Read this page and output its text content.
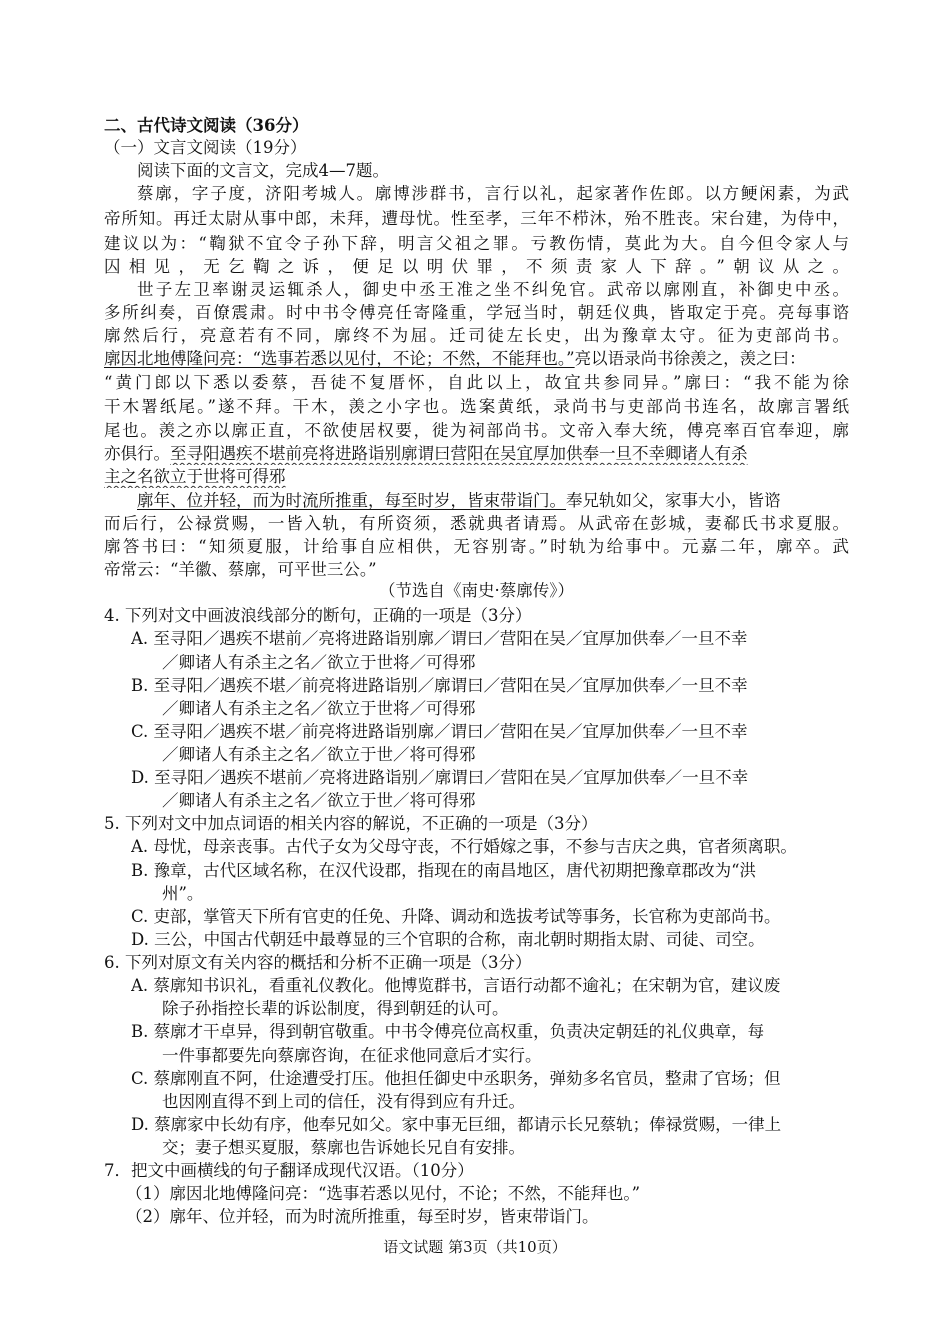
二、古代诗文阅读（36分）
（一）文言文阅读（19分）
阅读下面的文言文，完成4—7题。
蔡廓，字子度，济阳考城人。廓博涉群书，言行以礼，起家著作佐郎。以方鲠闲素，为武
帝所知。再迁太尉从事中郎，未拜，遭母忧。性至孝，三年不栉沐，殆不胜丧。宋台建，为侍中，
建议以为：“鞫狱不宜令子孙下辞，明言父祖之罪。亏教伤情，莫此为大。自今但令家人与
囚相见，无乞鞫之诉，便足以明伏罪，不须责家人下辞。”朝议从之。
世子左卫率谢灵运辄杀人，御史中丞王准之坐不纠免官。武帝以廓刚直，补御史中丞。
多所纠奏，百僚震肃。时中书令傅亮任寄隆重，学冠当时，朝廷仪典，皆取定于亮。亮每事谘
廓然后行，亮意若有不同，廓终不为屈。迁司徒左长史，出为豫章太守。征为吏部尚书。
廓因北地傅隆问亮：“选事若悉以见付，不论；不然，不能拜也。”亮以语录尚书徐羡之，羡之曰：
“黄门郎以下悉以委蔡，吾徒不复厝怀，自此以上，故宜共参同异。”廓曰：“我不能为徐
干木署纸尾。”遂不拜。干木，羡之小字也。选案黄纸，录尚书与吏部尚书连名，故廓言署纸
尾也。羡之亦以廓正直，不欲使居权要，徙为祠部尚书。文帝入奉大统，傅亮率百官奉迎，廓
亦俱行。至寻阳遇疾不堪前亮将进路诣别廓谓曰营阳在吴宜厚加供奉一旦不幸卿诸人有杀
主之名欲立于世将可得邪
廓年、位并轻，而为时流所推重，每至时岁，皆束带诣门。奉兄轨如父，家事大小，皆谘
而后行，公禄赏赐，一皆入轨，有所资须，悉就典者请焉。从武帝在彭城，妻郗氏书求夏服。
廓答书曰：“知须夏服，计给事自应相供，无容别寄。”时轨为给事中。元嘉二年，廓卒。武
帝常云：“羊徽、蔡廓，可平世三公。”
（节选自《南史·蔡廓传》）
4. 下列对文中画波浪线部分的断句，正确的一项是（3分）
A. 至寻阳／遇疾不堪前／亮将进路诣别廓／谓曰／营阳在吴／宜厚加供奉／一旦不幸
／卿诸人有杀主之名／欲立于世将／可得邪
B. 至寻阳／遇疾不堪／前亮将进路诣别／廓谓曰／营阳在吴／宜厚加供奉／一旦不幸
／卿诸人有杀主之名／欲立于世将／可得邪
C. 至寻阳／遇疾不堪／前亮将进路诣别廓／谓曰／营阳在吴／宜厚加供奉／一旦不幸
／卿诸人有杀主之名／欲立于世／将可得邪
D. 至寻阳／遇疾不堪前／亮将进路诣别／廓谓曰／营阳在吴／宜厚加供奉／一旦不幸
／卿诸人有杀主之名／欲立于世／将可得邪
5. 下列对文中加点词语的相关内容的解说，不正确的一项是（3分）
A. 母忧，母亲丧事。古代子女为父母守丧，不行婚嫁之事，不参与吉庆之典，官者须离职。
B. 豫章，古代区域名称，在汉代设郡，指现在的南昌地区，唐代初期把豫章郡改为“洪
州”。
C. 吏部，掌管天下所有官吏的任免、升降、调动和选拔考试等事务，长官称为吏部尚书。
D. 三公，中国古代朝廷中最尊显的三个官职的合称，南北朝时期指太尉、司徒、司空。
6. 下列对原文有关内容的概括和分析不正确一项是（3分）
A. 蔡廓知书识礼，看重礼仪教化。他博览群书，言语行动都不逾礼；在宋朝为官，建议废
除子孙指控长辈的诉讼制度，得到朝廷的认可。
B. 蔡廓才干卓异，得到朝官敬重。中书令傅亮位高权重，负责决定朝廷的礼仪典章，每
一件事都要先向蔡廓咨询，在征求他同意后才实行。
C. 蔡廓刚直不阿，仕途遭受打压。他担任御史中丞职务，弹劾多名官员，整肃了官场；但
也因刚直得不到上司的信任，没有得到应有升迁。
D. 蔡廓家中长幼有序，他奉兄如父。家中事无巨细，都请示长兄蔡轨；俸禄赏赐，一律上
交；妻子想买夏服，蔡廓也告诉她长兄自有安排。
7．把文中画横线的句子翻译成现代汉语。（10分）
（1）廓因北地傅隆问亮：“选事若悉以见付，不论；不然，不能拜也。”
（2）廓年、位并轻，而为时流所推重，每至时岁，皆束带诣门。
语文试题 第3页（共10页）
